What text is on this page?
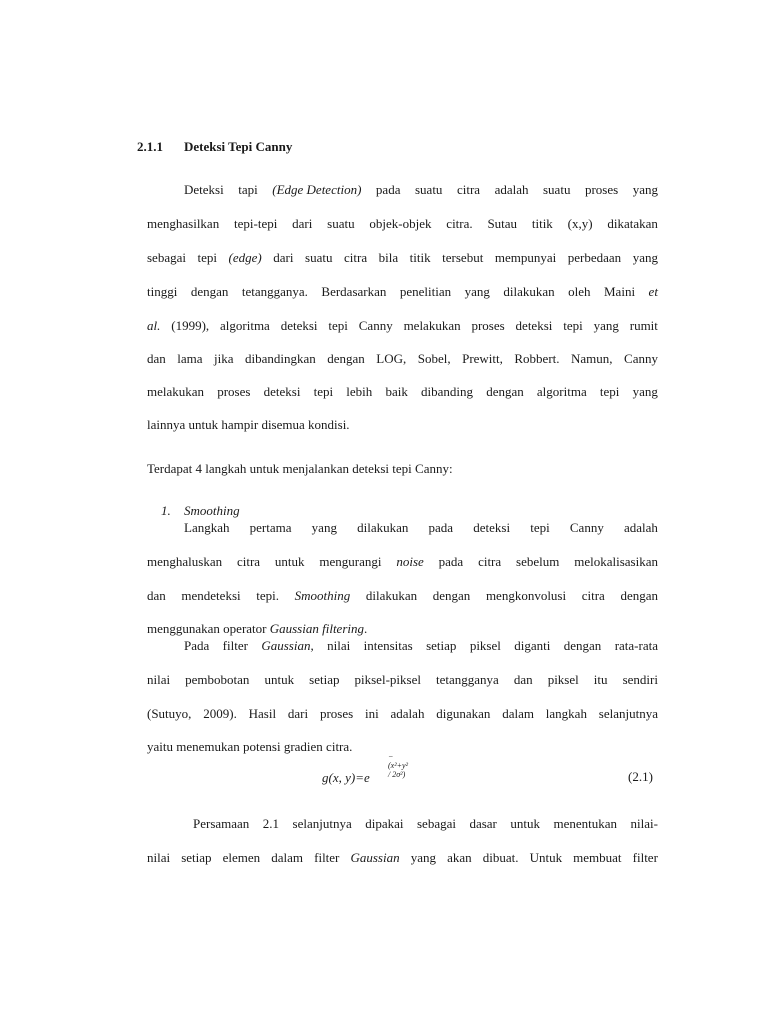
2.1.1 Deteksi Tepi Canny
Deteksi tapi (Edge Detection) pada suatu citra adalah suatu proses yang
menghasilkan tepi-tepi dari suatu objek-objek citra. Sutau titik (x,y) dikatakan
sebagai tepi (edge) dari suatu citra bila titik tersebut mempunyai perbedaan yang
tinggi dengan tetangganya. Berdasarkan penelitian yang dilakukan oleh Maini et
al. (1999), algoritma deteksi tepi Canny melakukan proses deteksi tepi yang rumit
dan lama jika dibandingkan dengan LOG, Sobel, Prewitt, Robbert. Namun, Canny
melakukan proses deteksi tepi lebih baik dibanding dengan algoritma tepi yang
lainnya untuk hampir disemua kondisi.
Terdapat 4 langkah untuk menjalankan deteksi tepi Canny:
1. Smoothing
Langkah pertama yang dilakukan pada deteksi tepi Canny adalah
menghaluskan citra untuk mengurangi noise pada citra sebelum melokalisasikan
dan mendeteksi tepi. Smoothing dilakukan dengan mengkonvolusi citra dengan
menggunakan operator Gaussian filtering.
Pada filter Gaussian, nilai intensitas setiap piksel diganti dengan rata-rata
nilai pembobotan untuk setiap piksel-piksel tetangganya dan piksel itu sendiri
(Sutuyo, 2009). Hasil dari proses ini adalah digunakan dalam langkah selanjutnya
yaitu menemukan potensi gradien citra.
g(x, y)=e
−(x²+y² / 2σ²)	(2.1)
Persamaan 2.1 selanjutnya dipakai sebagai dasar untuk menentukan nilai-
nilai setiap elemen dalam filter Gaussian yang akan dibuat. Untuk membuat filter
